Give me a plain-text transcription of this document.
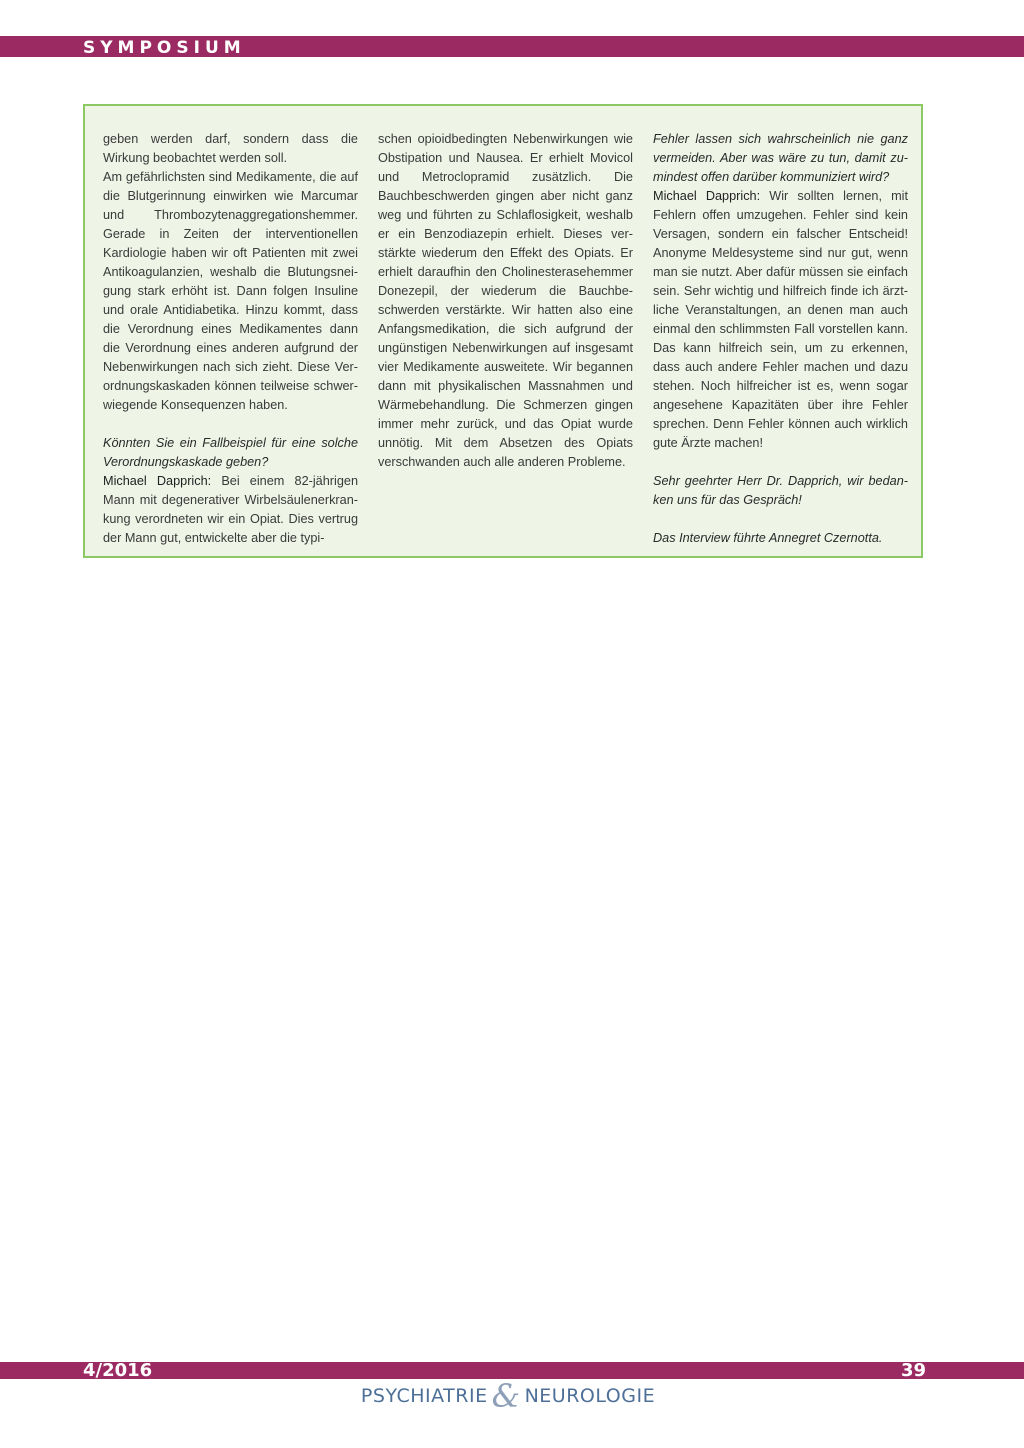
SYMPOSIUM

geben werden darf, sondern dass die Wirkung beobachtet werden soll.

Am gefährlichsten sind Medikamente, die auf die Blutgerinnung einwirken wie Marcumar und Thrombozytenaggregationshemmer. Gerade in Zeiten der interventionellen Kardiologie haben wir oft Patienten mit zwei Antikoagulanzien, weshalb die Blutungsneigung stark erhöht ist. Dann folgen Insuline und orale Antidiabetika. Hinzu kommt, dass die Verordnung eines Medikamentes dann die Verordnung eines anderen aufgrund der Nebenwirkungen nach sich zieht. Diese Verordnungskaskaden können teilweise schwerwiegende Konsequenzen haben.

Könnten Sie ein Fallbeispiel für eine solche Verordnungskaskade geben?

Michael Dapprich: Bei einem 82-jährigen Mann mit degenerativer Wirbelsäulenerkrankung verordneten wir ein Opiat. Dies vertrug der Mann gut, entwickelte aber die typi-

schen opioidbedingten Nebenwirkungen wie Obstipation und Nausea. Er erhielt Movicol und Metroclopramid zusätzlich. Die Bauchbeschwerden gingen aber nicht ganz weg und führten zu Schlaflosigkeit, weshalb er ein Benzodiazepin erhielt. Dieses verstärkte wiederum den Effekt des Opiats. Er erhielt daraufhin den Cholinesterasehemmer Donezepil, der wiederum die Bauchbeschwerden verstärkte. Wir hatten also eine Anfangsmedikation, die sich aufgrund der ungünstigen Nebenwirkungen auf insgesamt vier Medikamente ausweitete. Wir begannen dann mit physikalischen Massnahmen und Wärmebehandlung. Die Schmerzen gingen immer mehr zurück, und das Opiat wurde unnötig. Mit dem Absetzen des Opiats verschwanden auch alle anderen Probleme.

Fehler lassen sich wahrscheinlich nie ganz vermeiden. Aber was wäre zu tun, damit zumindest offen darüber kommuniziert wird?

Michael Dapprich: Wir sollten lernen, mit Fehlern offen umzugehen. Fehler sind kein Versagen, sondern ein falscher Entscheid! Anonyme Meldesysteme sind nur gut, wenn man sie nutzt. Aber dafür müssen sie einfach sein. Sehr wichtig und hilfreich finde ich ärztliche Veranstaltungen, an denen man auch einmal den schlimmsten Fall vorstellen kann. Das kann hilfreich sein, um zu erkennen, dass auch andere Fehler machen und dazu stehen. Noch hilfreicher ist es, wenn sogar angesehene Kapazitäten über ihre Fehler sprechen. Denn Fehler können auch wirklich gute Ärzte machen!

Sehr geehrter Herr Dr. Dapprich, wir bedanken uns für das Gespräch!

Das Interview führte Annegret Czernotta.

4/2016	39
PSYCHIATRIE & NEUROLOGIE
